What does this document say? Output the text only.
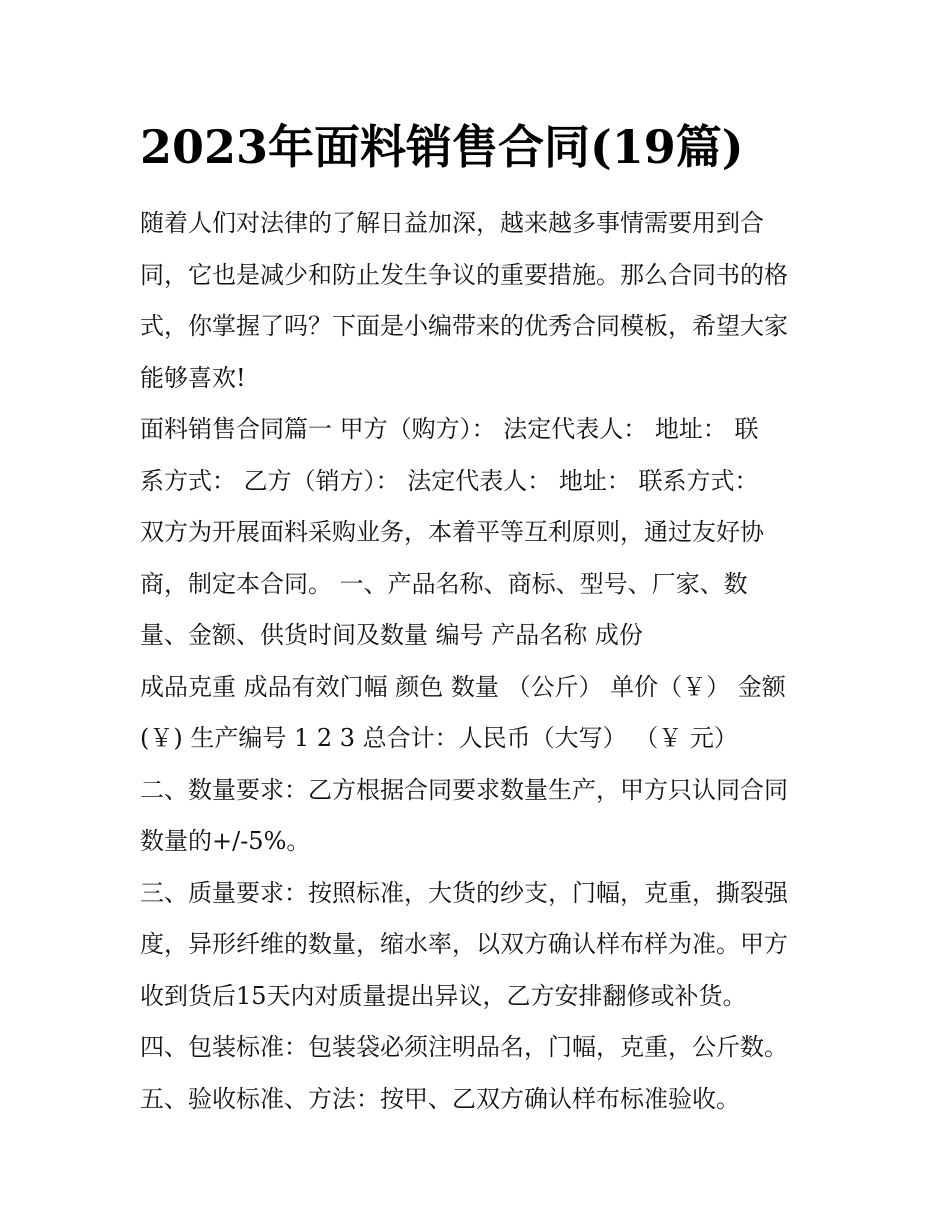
2023年面料销售合同(19篇)
随着人们对法律的了解日益加深，越来越多事情需要用到合
同，它也是减少和防止发生争议的重要措施。那么合同书的格
式，你掌握了吗？下面是小编带来的优秀合同模板，希望大家
能够喜欢!
面料销售合同篇一 甲方（购方）： 法定代表人： 地址： 联
系方式： 乙方（销方）： 法定代表人： 地址： 联系方式：
双方为开展面料采购业务，本着平等互利原则，通过友好协
商，制定本合同。 一、产品名称、商标、型号、厂家、数
量、金额、供货时间及数量 编号 产品名称 成份
成品克重 成品有效门幅 颜色 数量 （公斤） 单价（￥） 金额
(￥) 生产编号 1 2 3 总合计：人民币（大写） （￥ 元）
二、数量要求：乙方根据合同要求数量生产，甲方只认同合同
数量的+/-5%。
三、质量要求：按照标准，大货的纱支，门幅，克重，撕裂强
度，异形纤维的数量，缩水率，以双方确认样布样为准。甲方
收到货后15天内对质量提出异议，乙方安排翻修或补货。
四、包装标准：包装袋必须注明品名，门幅，克重，公斤数。
五、验收标准、方法：按甲、乙双方确认样布标准验收。
